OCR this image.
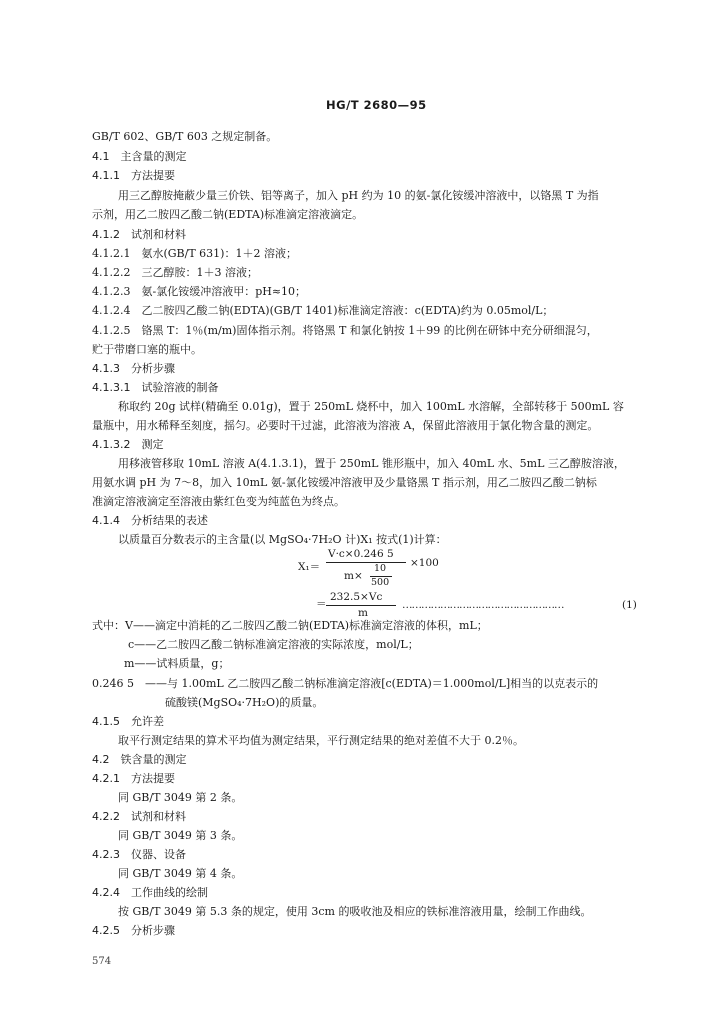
HG/T 2680—95
GB/T 602、GB/T 603 之规定制备。
4.1　主含量的测定
4.1.1　方法提要
用三乙醇胺掩蔽少量三价铁、铝等离子，加入 pH 约为 10 的氨-氯化铵缓冲溶液中，以铬黑 T 为指
示剂，用乙二胺四乙酸二钠(EDTA)标准滴定溶液滴定。
4.1.2　试剂和材料
4.1.2.1　氨水(GB/T 631)：1＋2 溶液；
4.1.2.2　三乙醇胺：1＋3 溶液；
4.1.2.3　氨-氯化铵缓冲溶液甲：pH≈10；
4.1.2.4　乙二胺四乙酸二钠(EDTA)(GB/T 1401)标准滴定溶液：c(EDTA)约为 0.05mol/L；
4.1.2.5　铬黑 T：1％(m/m)固体指示剂。将铬黑 T 和氯化钠按 1＋99 的比例在研钵中充分研细混匀，
贮于带磨口塞的瓶中。
4.1.3　分析步骤
4.1.3.1　试验溶液的制备
称取约 20g 试样(精确至 0.01g)，置于 250mL 烧杯中，加入 100mL 水溶解，全部转移于 500mL 容
量瓶中，用水稀释至刻度，摇匀。必要时干过滤，此溶液为溶液 A，保留此溶液用于氯化物含量的测定。
4.1.3.2　测定
用移液管移取 10mL 溶液 A(4.1.3.1)，置于 250mL 锥形瓶中，加入 40mL 水、5mL 三乙醇胺溶液，
用氨水调 pH 为 7～8，加入 10mL 氨-氯化铵缓冲溶液甲及少量铬黑 T 指示剂，用乙二胺四乙酸二钠标
准滴定溶液滴定至溶液由紫红色变为纯蓝色为终点。
4.1.4　分析结果的表述
以质量百分数表示的主含量(以 MgSO₄·7H₂O 计)X₁ 按式(1)计算：
X₁＝
V·c×0.246 5
m×
10
500
×100
＝
232.5×Vc
m
……………………………………………	(1)
式中：V——滴定中消耗的乙二胺四乙酸二钠(EDTA)标准滴定溶液的体积，mL；
c——乙二胺四乙酸二钠标准滴定溶液的实际浓度，mol/L；
m——试料质量，g；
0.246 5　——与 1.00mL 乙二胺四乙酸二钠标准滴定溶液[c(EDTA)＝1.000mol/L]相当的以克表示的
硫酸镁(MgSO₄·7H₂O)的质量。
4.1.5　允许差
取平行测定结果的算术平均值为测定结果，平行测定结果的绝对差值不大于 0.2％。
4.2　铁含量的测定
4.2.1　方法提要
同 GB/T 3049 第 2 条。
4.2.2　试剂和材料
同 GB/T 3049 第 3 条。
4.2.3　仪器、设备
同 GB/T 3049 第 4 条。
4.2.4　工作曲线的绘制
按 GB/T 3049 第 5.3 条的规定，使用 3cm 的吸收池及相应的铁标准溶液用量，绘制工作曲线。
4.2.5　分析步骤
574
